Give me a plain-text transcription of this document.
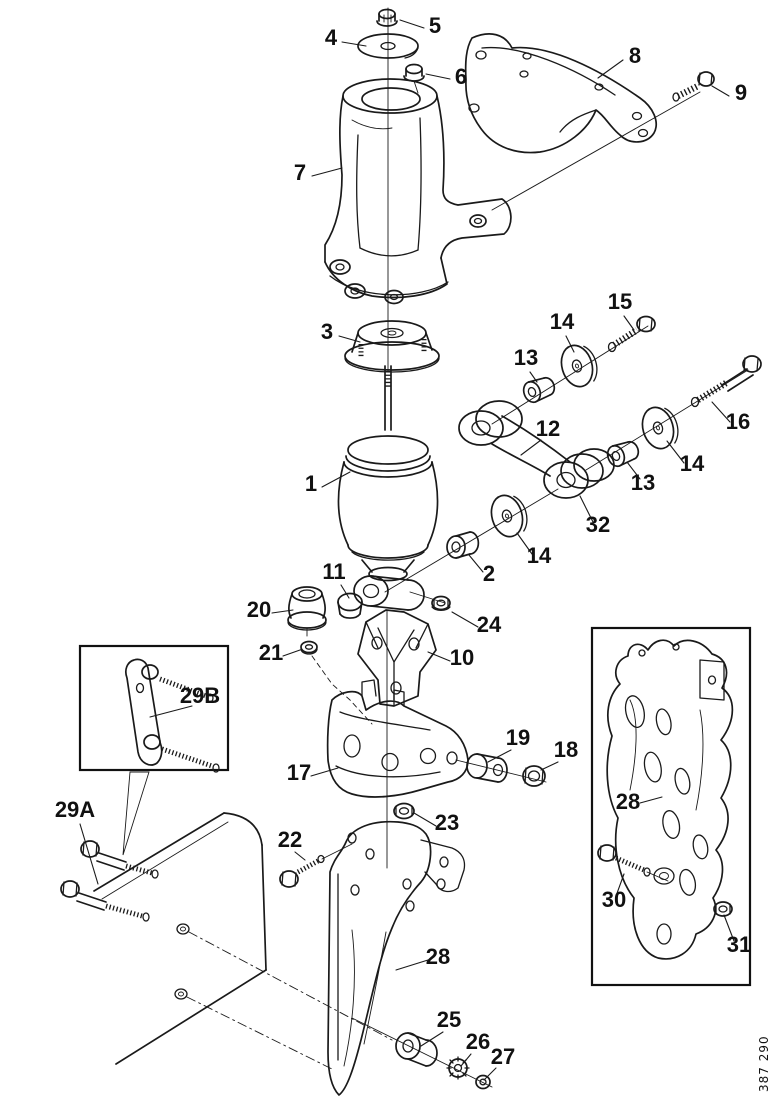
5
4
6
8
9
7
3
13
14
15
12	16
14
13
32
1
14
2
11
20
24
21	10
29B
19 18
17
23
22
29A
28
25
26
27
28
30
31
387 290
